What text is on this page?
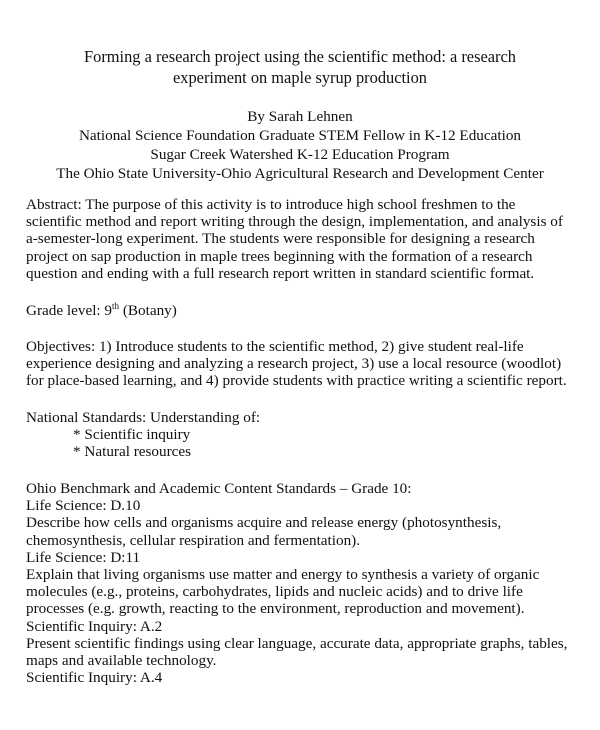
Forming a research project using the scientific method: a research
experiment on maple syrup production
By Sarah Lehnen
National Science Foundation Graduate STEM Fellow in K-12 Education
Sugar Creek Watershed K-12 Education Program
The Ohio State University-Ohio Agricultural Research and Development Center
Abstract: The purpose of this activity is to introduce high school freshmen to the
scientific method and report writing through the design, implementation, and analysis of
a-semester-long experiment. The students were responsible for designing a research
project on sap production in maple trees beginning with the formation of a research
question and ending with a full research report written in standard scientific format.
Grade level: 9th (Botany)
Objectives: 1) Introduce students to the scientific method, 2) give student real-life
experience designing and analyzing a research project, 3) use a local resource (woodlot)
for place-based learning, and 4) provide students with practice writing a scientific report.
National Standards: Understanding of:
* Scientific inquiry
* Natural resources
Ohio Benchmark and Academic Content Standards – Grade 10:
Life Science: D.10
Describe how cells and organisms acquire and release energy (photosynthesis,
chemosynthesis, cellular respiration and fermentation).
Life Science: D:11
Explain that living organisms use matter and energy to synthesis a variety of organic
molecules (e.g., proteins, carbohydrates, lipids and nucleic acids) and to drive life
processes (e.g. growth, reacting to the environment, reproduction and movement).
Scientific Inquiry: A.2
Present scientific findings using clear language, accurate data, appropriate graphs, tables,
maps and available technology.
Scientific Inquiry: A.4
